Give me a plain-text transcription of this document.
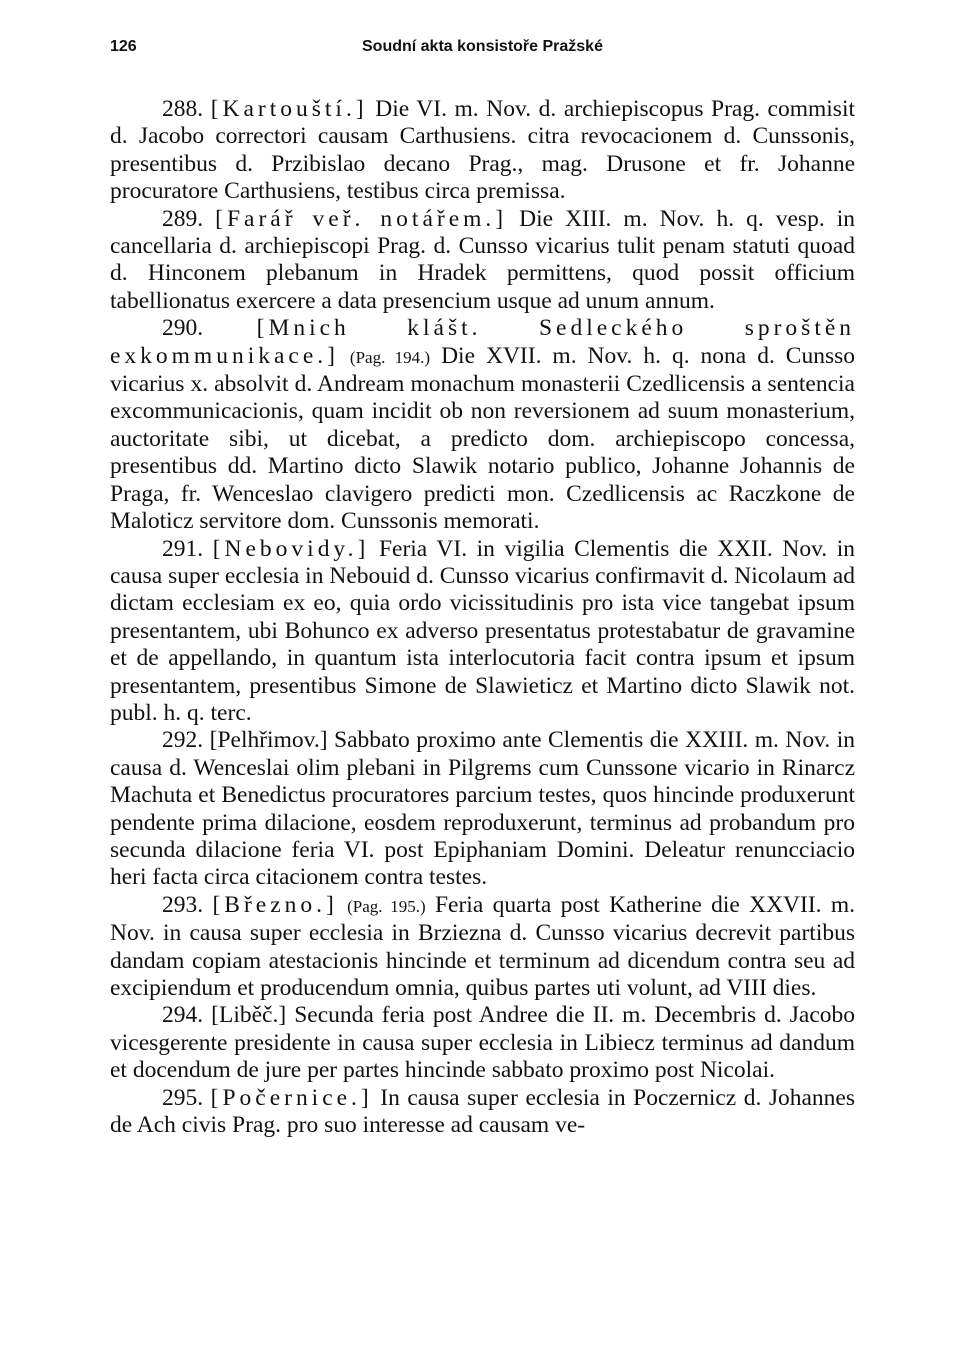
126	Soudní akta konsistoře Pražské

288. [Kartouští.] Die VI. m. Nov. d. archiepiscopus Prag. commisit d. Jacobo correctori causam Carthusiens. citra revocacionem d. Cunssonis, presentibus d. Przibislao decano Prag., mag. Drusone et fr. Johanne procuratore Carthusiens, testibus circa premissa.

289. [Farář veř. notářem.] Die XIII. m. Nov. h. q. vesp. in cancellaria d. archiepiscopi Prag. d. Cunsso vicarius tulit penam statuti quoad d. Hinconem plebanum in Hradek permittens, quod possit officium tabellionatus exercere a data presencium usque ad unum annum.

290. [Mnich klášt. Sedleckého sproštěn exkommunikace.] (Pag. 194.) Die XVII. m. Nov. h. q. nona d. Cunsso vicarius x. absolvit d. Andream monachum monasterii Czedlicensis a sentencia excommunicacionis, quam incidit ob non reversionem ad suum monasterium, auctoritate sibi, ut dicebat, a predicto dom. archiepiscopo concessa, presentibus dd. Martino dicto Slawik notario publico, Johanne Johannis de Praga, fr. Wenceslao clavigero predicti mon. Czedlicensis ac Raczkone de Maloticz servitore dom. Cunssonis memorati.

291. [Nebovidy.] Feria VI. in vigilia Clementis die XXII. Nov. in causa super ecclesia in Nebouid d. Cunsso vicarius confirmavit d. Nicolaum ad dictam ecclesiam ex eo, quia ordo vicissitudinis pro ista vice tangebat ipsum presentantem, ubi Bohunco ex adverso presentatus protestabatur de gravamine et de appellando, in quantum ista interlocutoria facit contra ipsum et ipsum presentantem, presentibus Simone de Slawieticz et Martino dicto Slawik not. publ. h. q. terc.

292. [Pelhřimov.] Sabbato proximo ante Clementis die XXIII. m. Nov. in causa d. Wenceslai olim plebani in Pilgrems cum Cunssone vicario in Rinarcz Machuta et Benedictus procuratores parcium testes, quos hincinde produxerunt pendente prima dilacione, eosdem reproduxerunt, terminus ad probandum pro secunda dilacione feria VI. post Epiphaniam Domini. Deleatur renuncciacio heri facta circa citacionem contra testes.

293. [Březno.] (Pag. 195.) Feria quarta post Katherine die XXVII. m. Nov. in causa super ecclesia in Brziezna d. Cunsso vicarius decrevit partibus dandam copiam atestacionis hincinde et terminum ad dicendum contra seu ad excipiendum et producendum omnia, quibus partes uti volunt, ad VIII dies.

294. [Liběč.] Secunda feria post Andree die II. m. Decembris d. Jacobo vicesgerente presidente in causa super ecclesia in Libiecz terminus ad dandum et docendum de jure per partes hincinde sabbato proximo post Nicolai.

295. [Počernice.] In causa super ecclesia in Poczernicz d. Johannes de Ach civis Prag. pro suo interesse ad causam ve-
